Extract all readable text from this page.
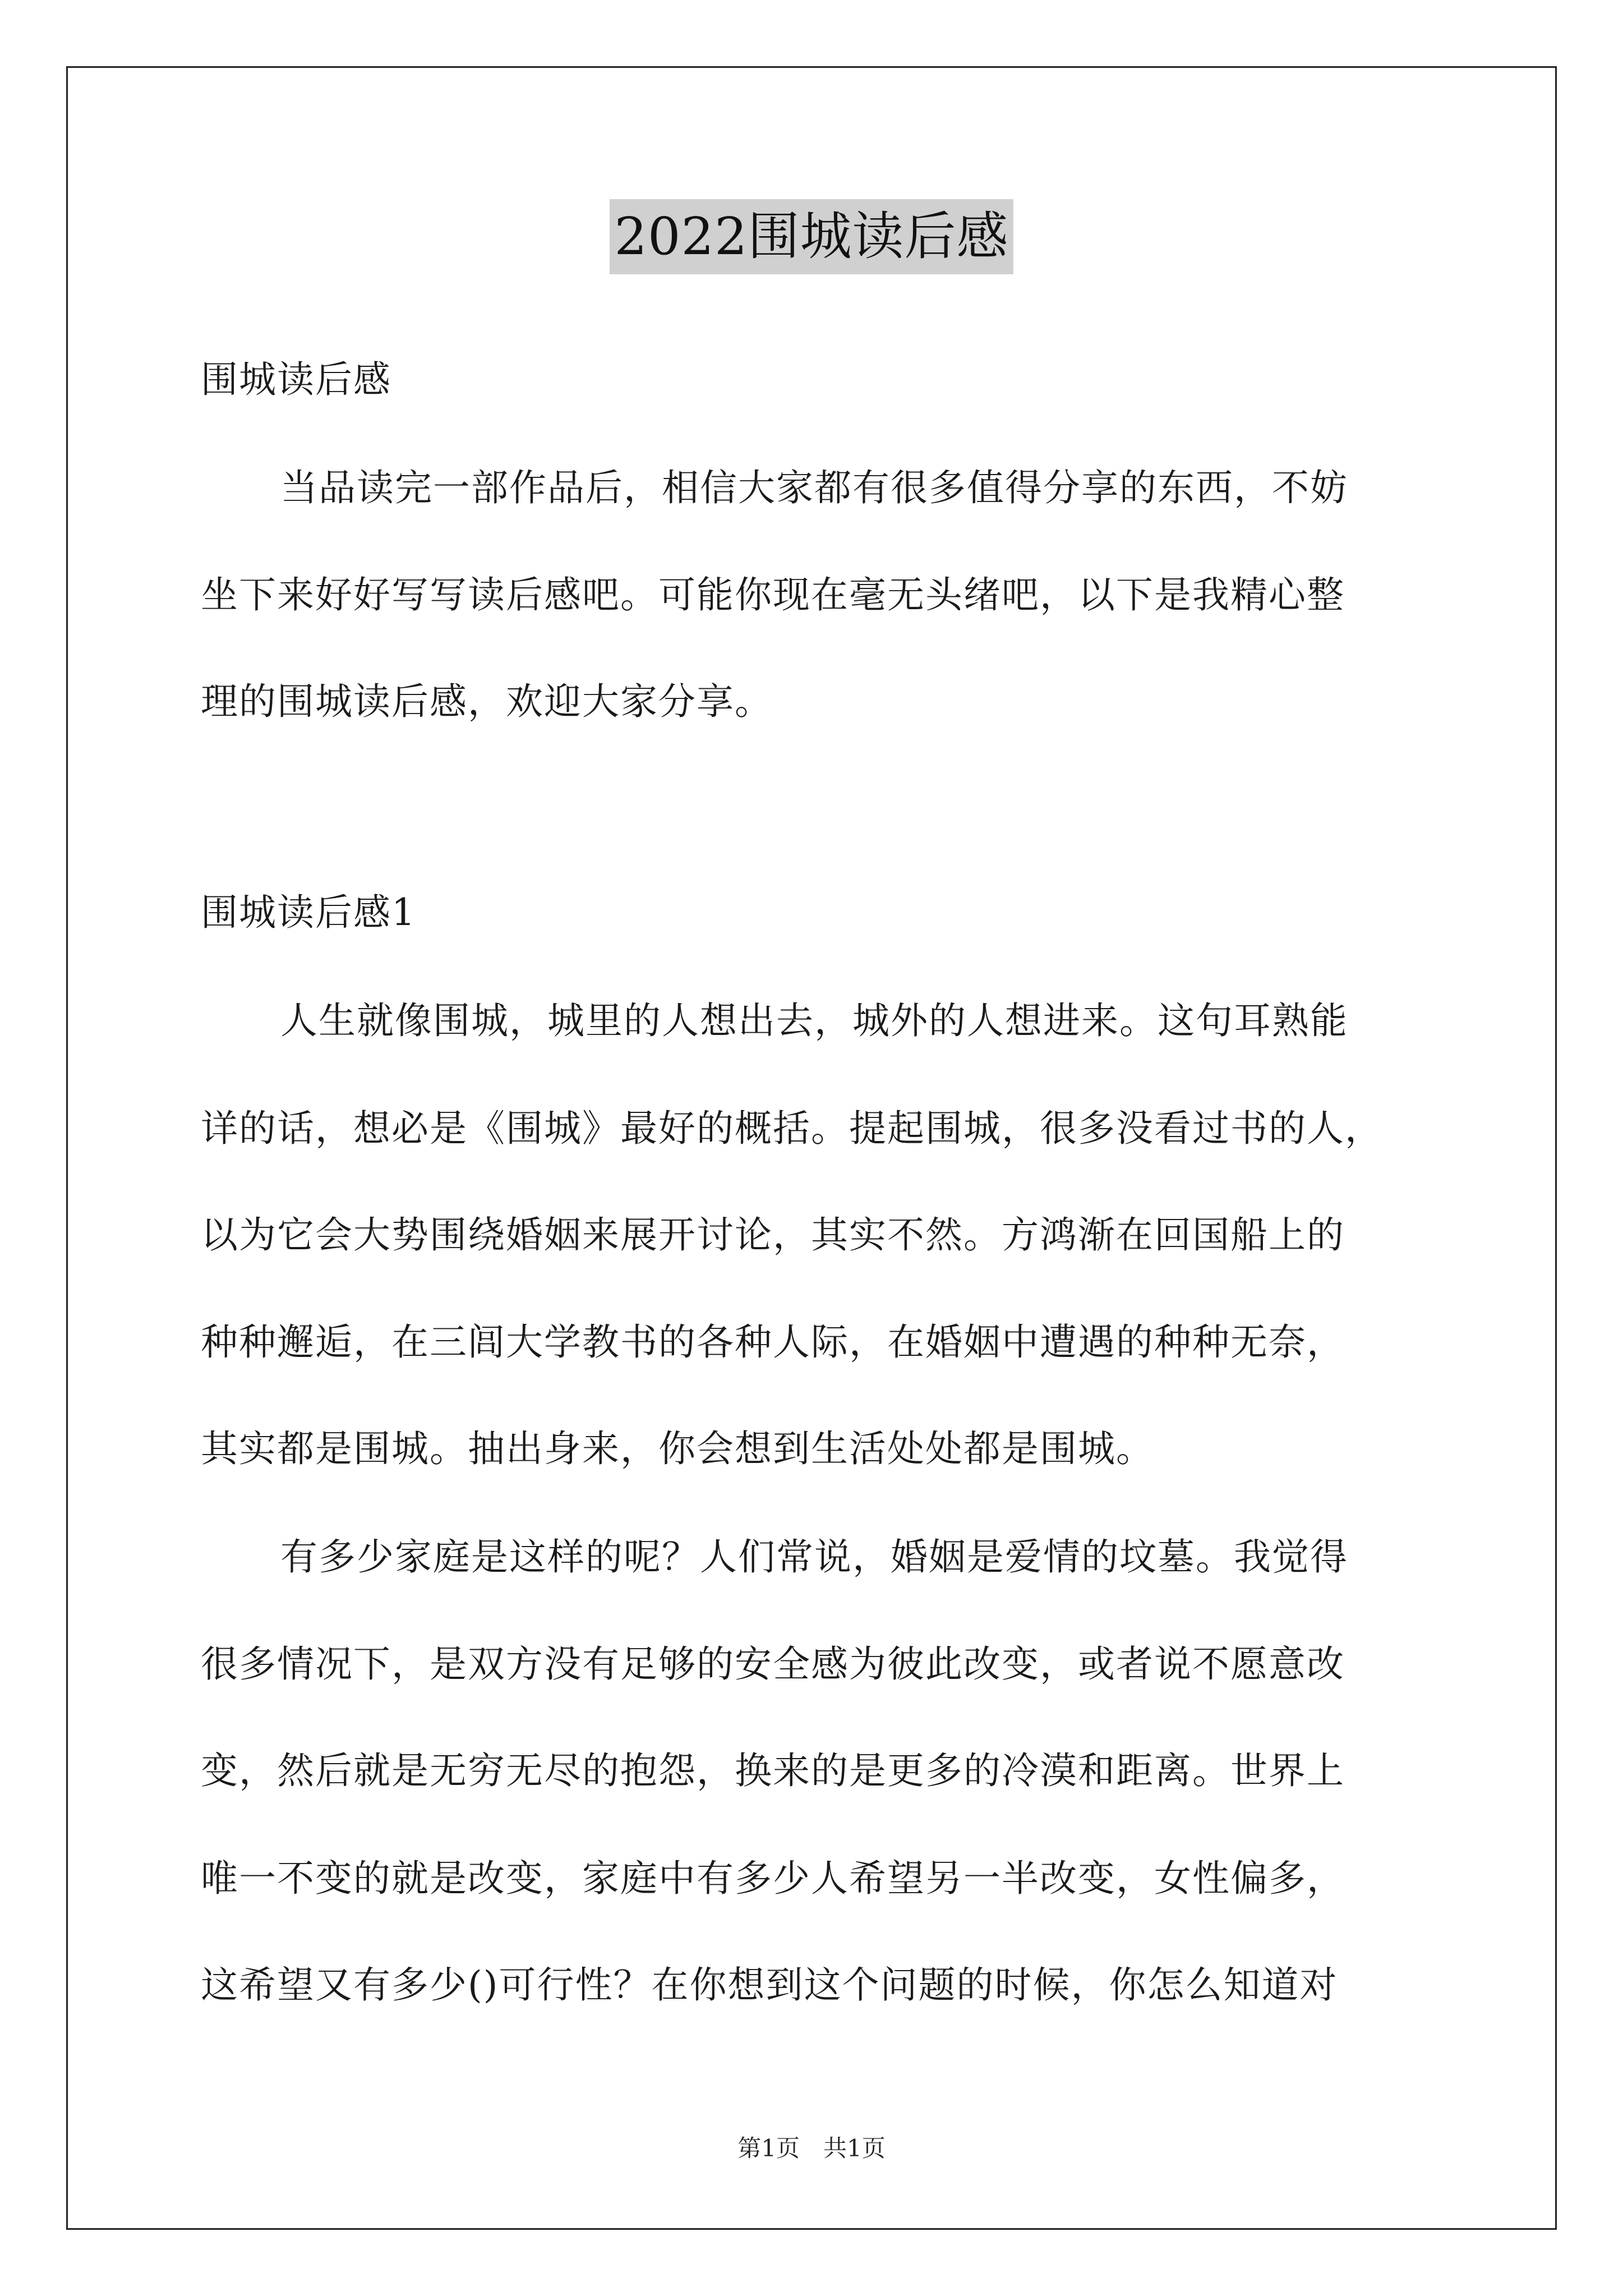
2022围城读后感

围城读后感

当品读完一部作品后，相信大家都有很多值得分享的东西，不妨

坐下来好好写写读后感吧。可能你现在毫无头绪吧，以下是我精心整

理的围城读后感，欢迎大家分享。

围城读后感1

人生就像围城，城里的人想出去，城外的人想进来。这句耳熟能

详的话，想必是《围城》最好的概括。提起围城，很多没看过书的人，

以为它会大势围绕婚姻来展开讨论，其实不然。方鸿渐在回国船上的

种种邂逅，在三闾大学教书的各种人际，在婚姻中遭遇的种种无奈，

其实都是围城。抽出身来，你会想到生活处处都是围城。

有多少家庭是这样的呢？人们常说，婚姻是爱情的坟墓。我觉得

很多情况下，是双方没有足够的安全感为彼此改变，或者说不愿意改

变，然后就是无穷无尽的抱怨，换来的是更多的冷漠和距离。世界上

唯一不变的就是改变，家庭中有多少人希望另一半改变，女性偏多，

这希望又有多少()可行性？在你想到这个问题的时候，你怎么知道对

第1页　共1页
